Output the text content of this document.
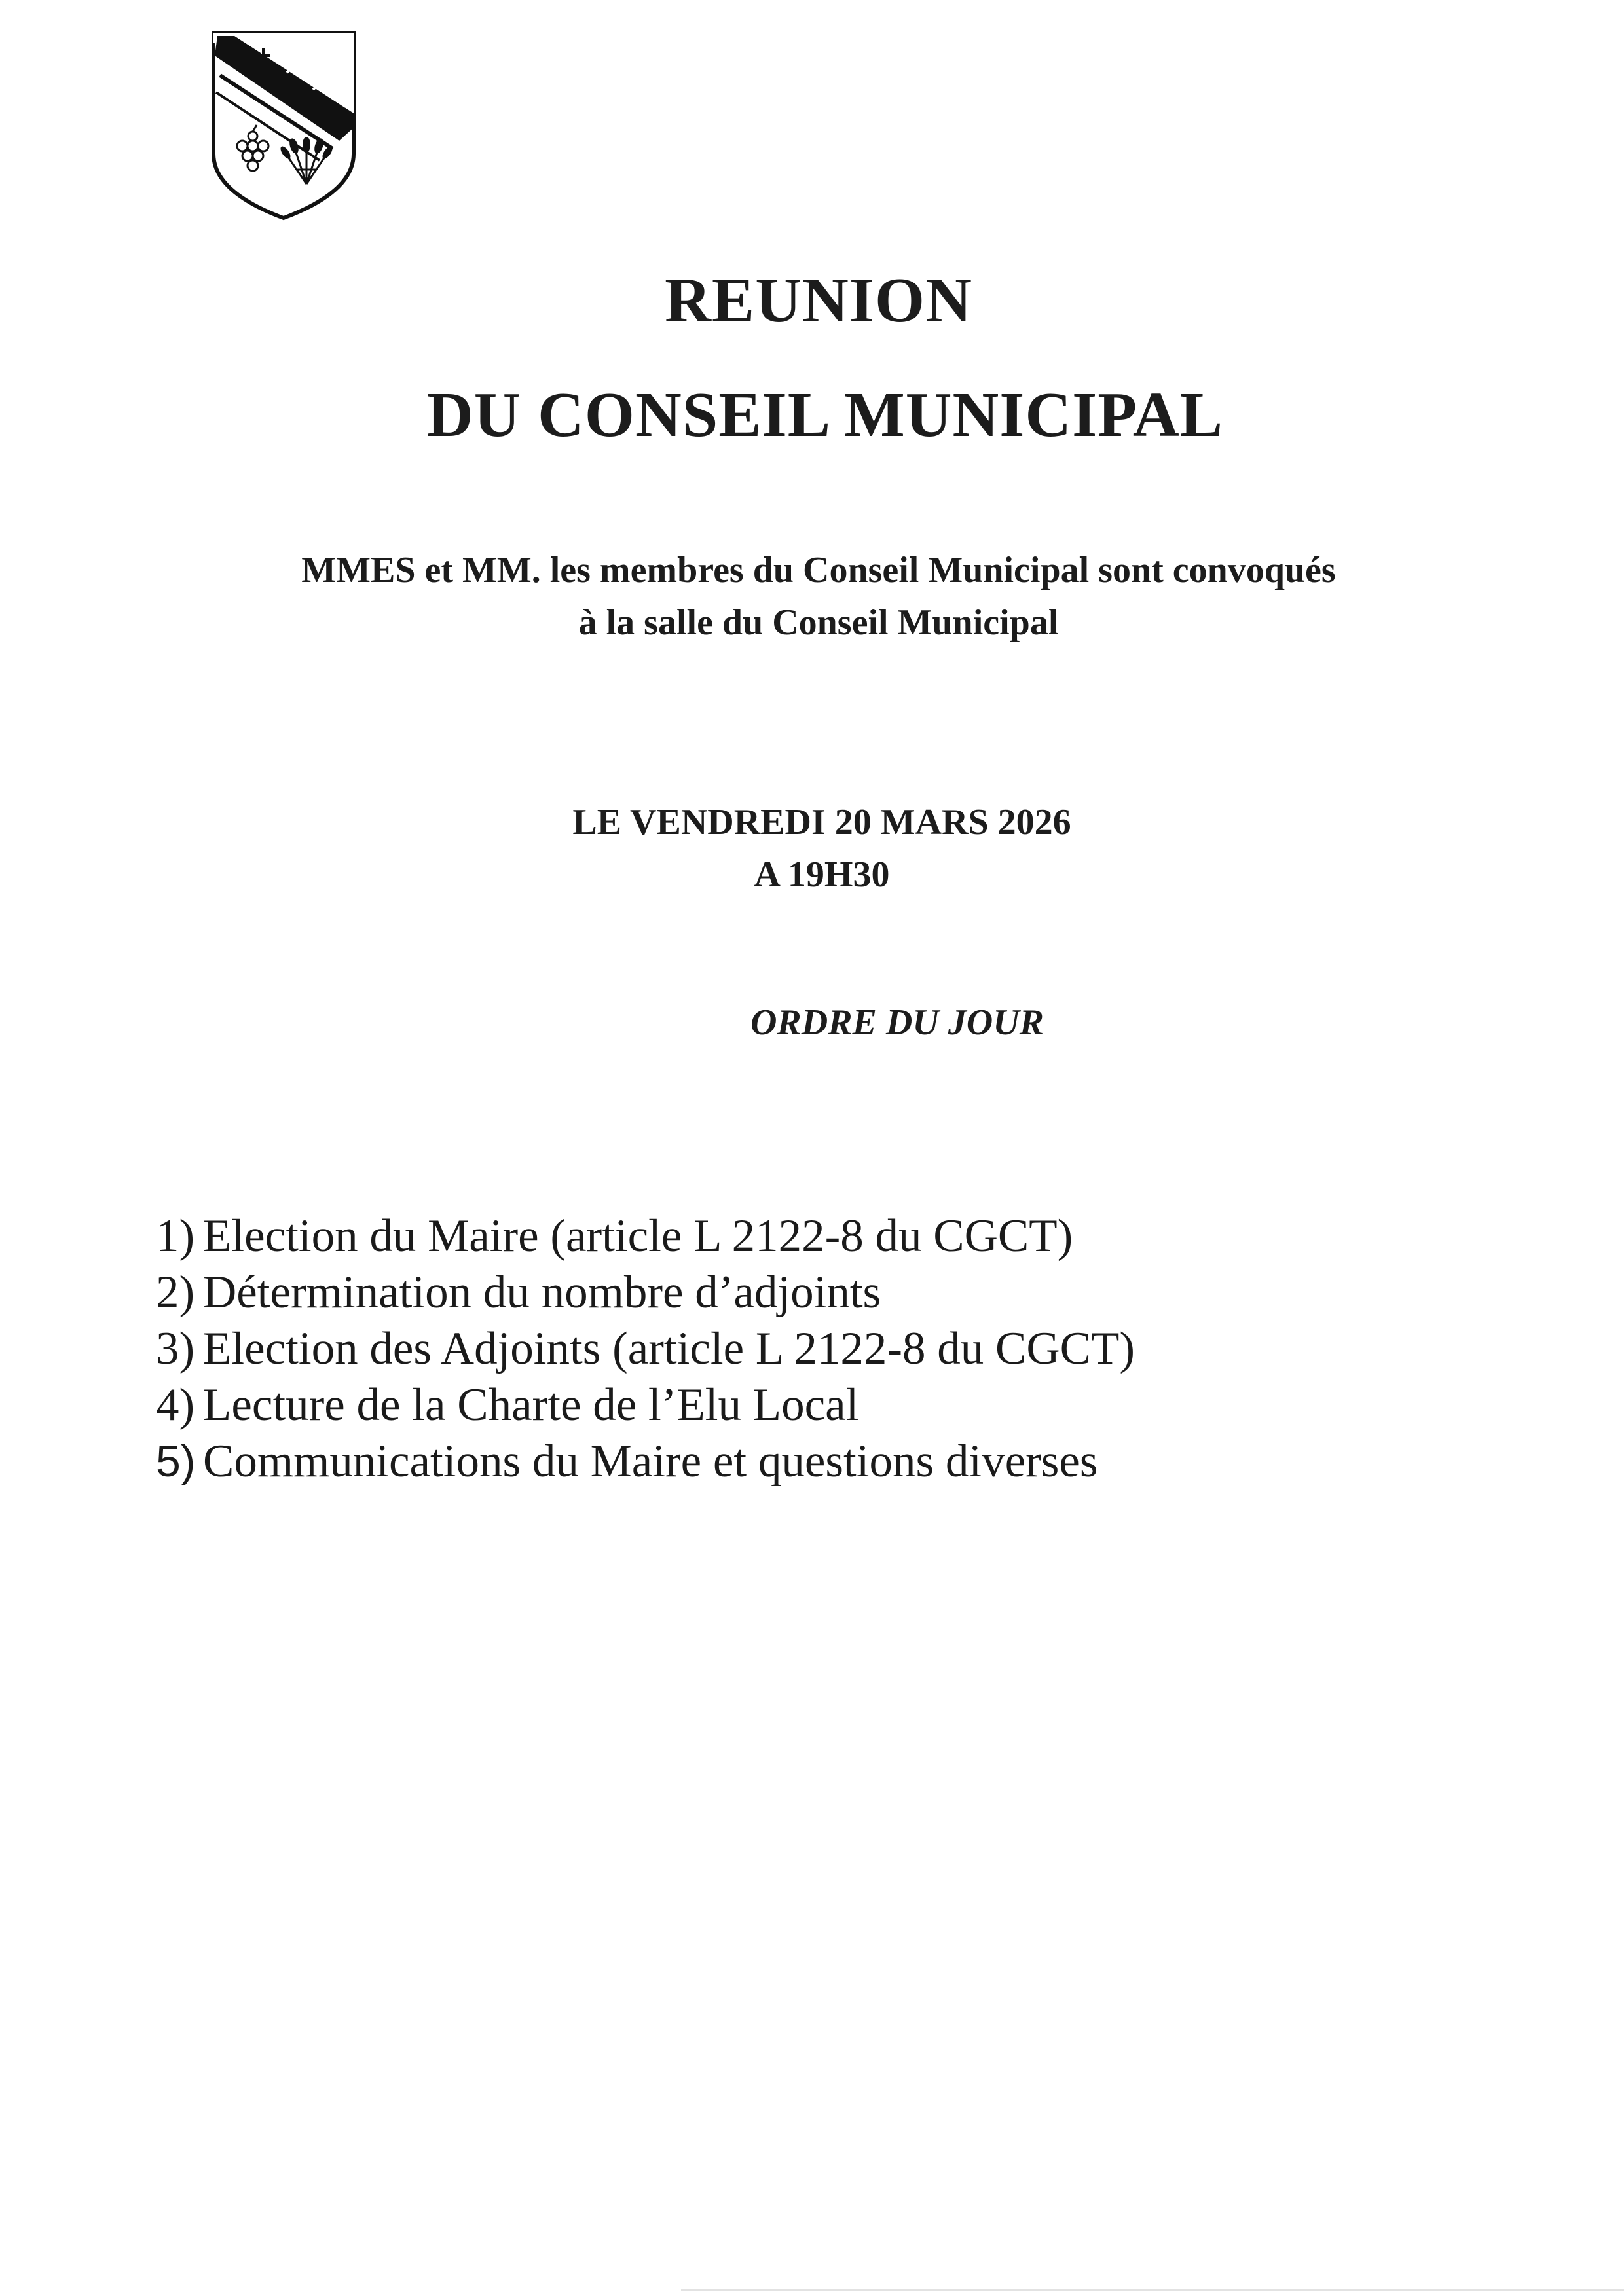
REUNION
DU CONSEIL MUNICIPAL
MMES et MM. les membres du Conseil Municipal sont convoqués
à la salle du Conseil Municipal
LE VENDREDI 20 MARS 2026
A 19H30
ORDRE DU JOUR
1) Election du Maire (article L 2122-8 du CGCT)
2) Détermination du nombre d’adjoints
3) Election des Adjoints (article L 2122-8 du CGCT)
4) Lecture de la Charte de l’Elu Local
5) Communications du Maire et questions diverses
